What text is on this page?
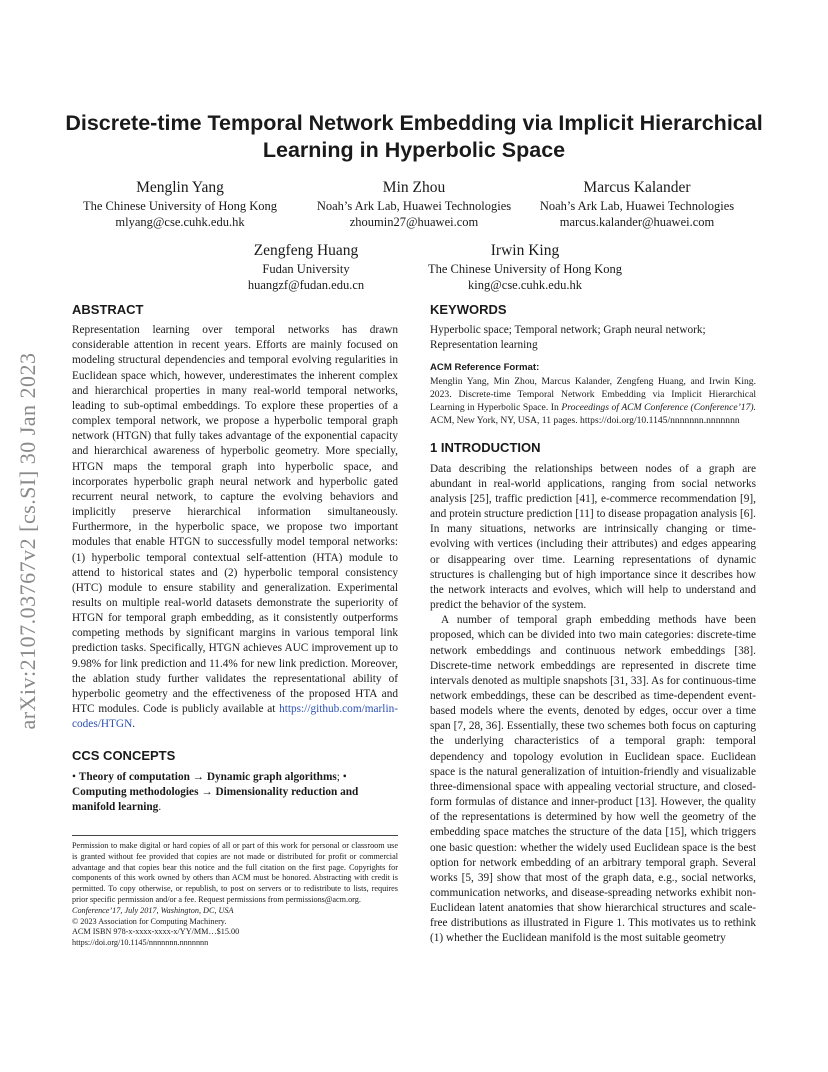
arXiv:2107.03767v2 [cs.SI] 30 Jan 2023
Discrete-time Temporal Network Embedding via Implicit Hierarchical Learning in Hyperbolic Space
Menglin Yang
The Chinese University of Hong Kong
mlyang@cse.cuhk.edu.hk
Min Zhou
Noah’s Ark Lab, Huawei Technologies
zhoumin27@huawei.com
Marcus Kalander
Noah’s Ark Lab, Huawei Technologies
marcus.kalander@huawei.com
Zengfeng Huang
Fudan University
huangzf@fudan.edu.cn
Irwin King
The Chinese University of Hong Kong
king@cse.cuhk.edu.hk
ABSTRACT

Representation learning over temporal networks has drawn considerable attention in recent years. Efforts are mainly focused on modeling structural dependencies and temporal evolving regularities in Euclidean space which, however, underestimates the inherent complex and hierarchical properties in many real-world temporal networks, leading to sub-optimal embeddings. To explore these properties of a complex temporal network, we propose a hyperbolic temporal graph network (HTGN) that fully takes advantage of the exponential capacity and hierarchical awareness of hyperbolic geometry. More specially, HTGN maps the temporal graph into hyperbolic space, and incorporates hyperbolic graph neural network and hyperbolic gated recurrent neural network, to capture the evolving behaviors and implicitly preserve hierarchical information simultaneously. Furthermore, in the hyperbolic space, we propose two important modules that enable HTGN to successfully model temporal networks: (1) hyperbolic temporal contextual self-attention (HTA) module to attend to historical states and (2) hyperbolic temporal consistency (HTC) module to ensure stability and generalization. Experimental results on multiple real-world datasets demonstrate the superiority of HTGN for temporal graph embedding, as it consistently outperforms competing methods by significant margins in various temporal link prediction tasks. Specifically, HTGN achieves AUC improvement up to 9.98% for link prediction and 11.4% for new link prediction. Moreover, the ablation study further validates the representational ability of hyperbolic geometry and the effectiveness of the proposed HTA and HTC modules. Code is publicly available at https://github.com/marlin-codes/HTGN.

CCS CONCEPTS

• Theory of computation → Dynamic graph algorithms; • Computing methodologies → Dimensionality reduction and manifold learning.

Permission to make digital or hard copies of all or part of this work for personal or classroom use is granted without fee provided that copies are not made or distributed for profit or commercial advantage and that copies bear this notice and the full citation on the first page. Copyrights for components of this work owned by others than ACM must be honored. Abstracting with credit is permitted. To copy otherwise, or republish, to post on servers or to redistribute to lists, requires prior specific permission and/or a fee. Request permissions from permissions@acm.org.
Conference’17, July 2017, Washington, DC, USA
© 2023 Association for Computing Machinery.
ACM ISBN 978-x-xxxx-xxxx-x/YY/MM…$15.00
https://doi.org/10.1145/nnnnnnn.nnnnnnn
KEYWORDS

Hyperbolic space; Temporal network; Graph neural network; Representation learning

ACM Reference Format:

Menglin Yang, Min Zhou, Marcus Kalander, Zengfeng Huang, and Irwin King. 2023. Discrete-time Temporal Network Embedding via Implicit Hierarchical Learning in Hyperbolic Space. In Proceedings of ACM Conference (Conference’17). ACM, New York, NY, USA, 11 pages. https://doi.org/10.1145/nnnnnnn.nnnnnnn

1 INTRODUCTION

Data describing the relationships between nodes of a graph are abundant in real-world applications, ranging from social networks analysis [25], traffic prediction [41], e-commerce recommendation [9], and protein structure prediction [11] to disease propagation analysis [6]. In many situations, networks are intrinsically changing or time-evolving with vertices (including their attributes) and edges appearing or disappearing over time. Learning representations of dynamic structures is challenging but of high importance since it describes how the network interacts and evolves, which will help to understand and predict the behavior of the system.

A number of temporal graph embedding methods have been proposed, which can be divided into two main categories: discrete-time network embeddings and continuous network embeddings [38]. Discrete-time network embeddings are represented in discrete time intervals denoted as multiple snapshots [31, 33]. As for continuous-time network embeddings, these can be described as time-dependent event-based models where the events, denoted by edges, occur over a time span [7, 28, 36]. Essentially, these two schemes both focus on capturing the underlying characteristics of a temporal graph: temporal dependency and topology evolution in Euclidean space. Euclidean space is the natural generalization of intuition-friendly and visualizable three-dimensional space with appealing vectorial structure, and closed-form formulas of distance and inner-product [13]. However, the quality of the representations is determined by how well the geometry of the embedding space matches the structure of the data [15], which triggers one basic question: whether the widely used Euclidean space is the best option for network embedding of an arbitrary temporal graph. Several works [5, 39] show that most of the graph data, e.g., social networks, communication networks, and disease-spreading networks exhibit non-Euclidean latent anatomies that show hierarchical structures and scale-free distributions as illustrated in Figure 1. This motivates us to rethink (1) whether the Euclidean manifold is the most suitable geometry
